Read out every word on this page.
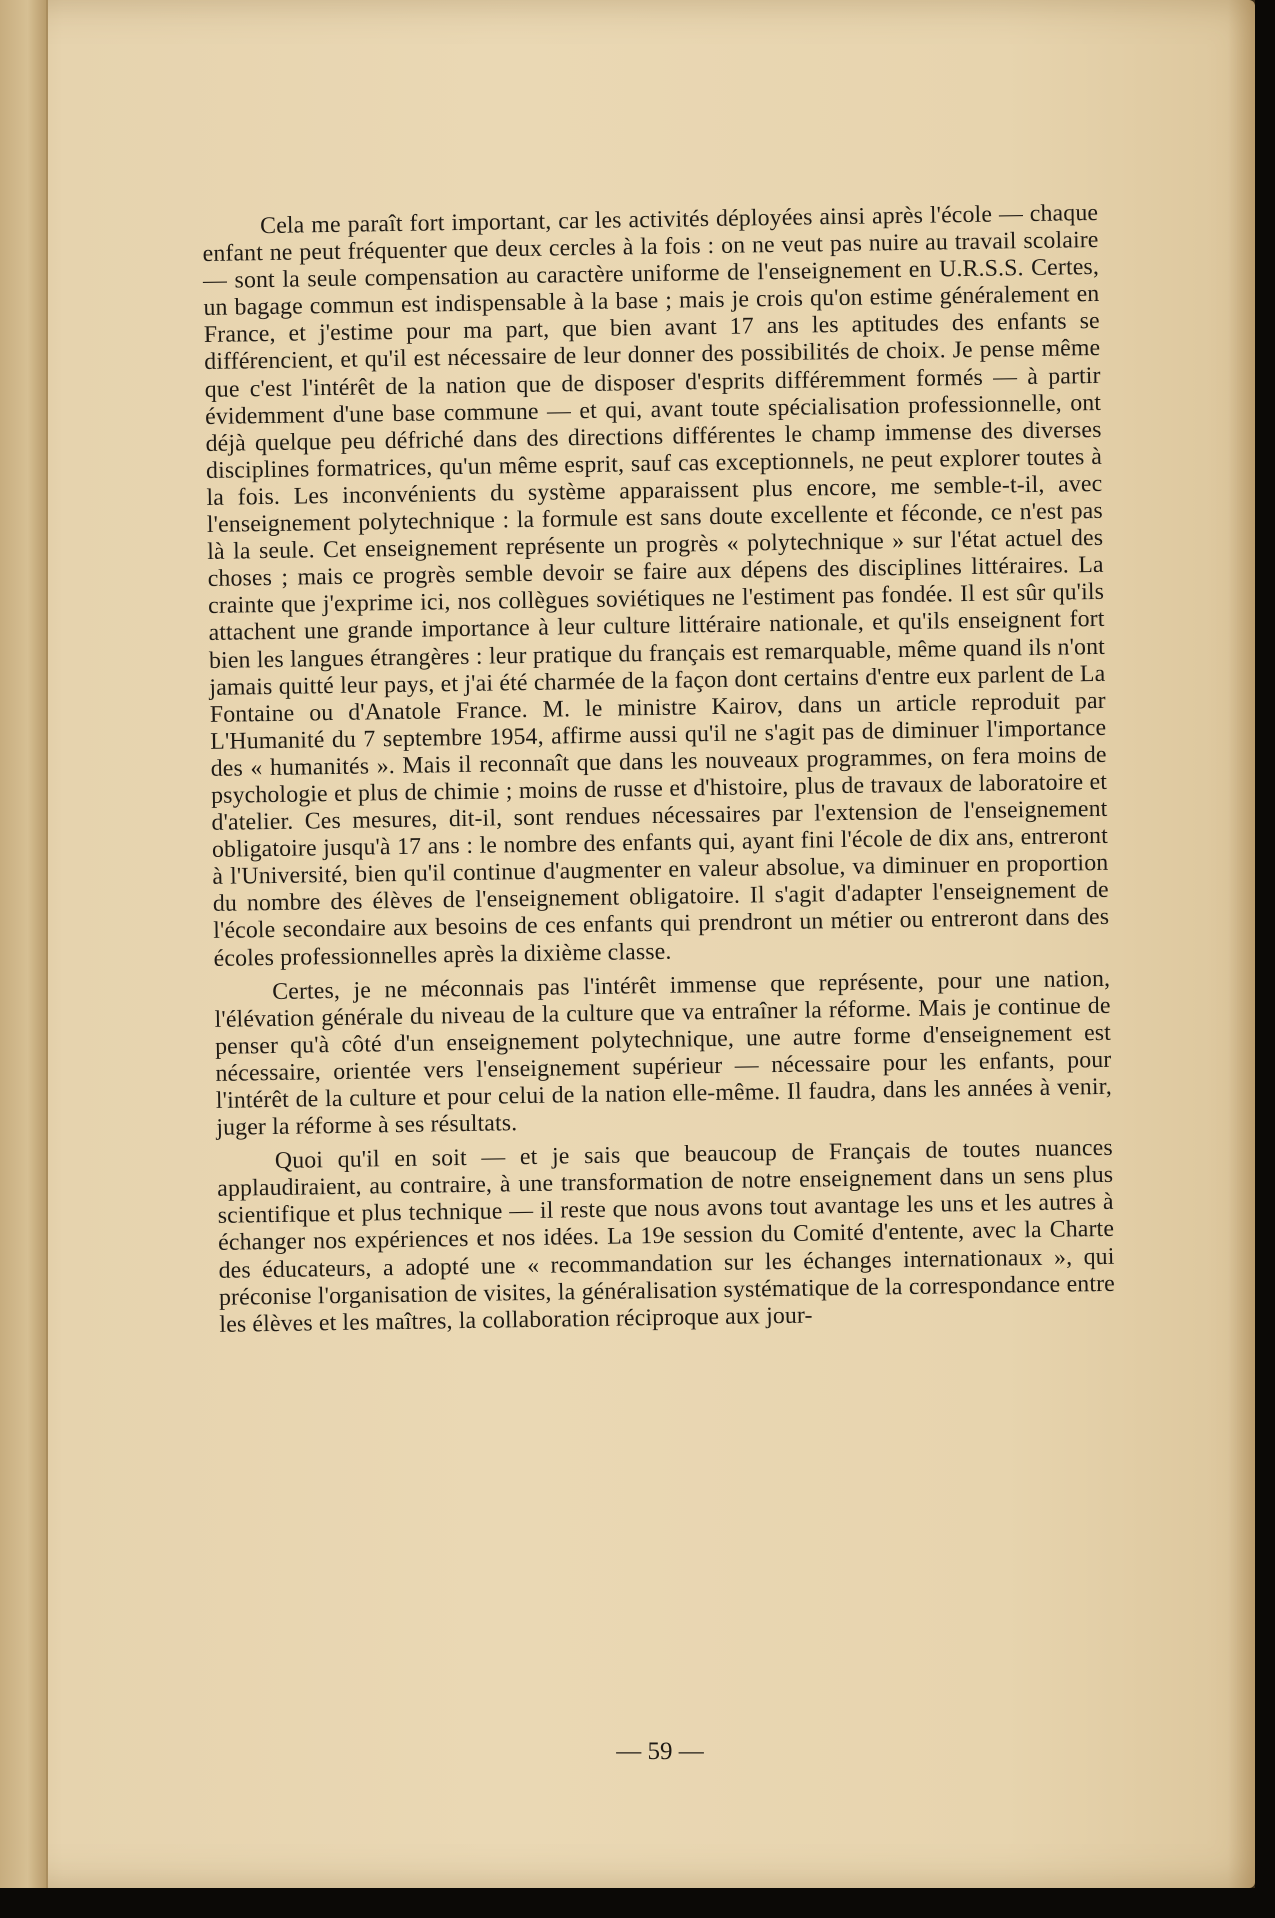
Cela me paraît fort important, car les activités déployées ainsi après l'école — chaque enfant ne peut fréquenter que deux cercles à la fois : on ne veut pas nuire au travail scolaire — sont la seule compensation au caractère uniforme de l'enseignement en U.R.S.S. Certes, un bagage commun est indispensable à la base ; mais je crois qu'on estime généralement en France, et j'estime pour ma part, que bien avant 17 ans les aptitudes des enfants se différencient, et qu'il est nécessaire de leur donner des possibilités de choix. Je pense même que c'est l'intérêt de la nation que de disposer d'esprits différemment formés — à partir évidemment d'une base commune — et qui, avant toute spécialisation professionnelle, ont déjà quelque peu défriché dans des directions différentes le champ immense des diverses disciplines formatrices, qu'un même esprit, sauf cas exceptionnels, ne peut explorer toutes à la fois. Les inconvénients du système apparaissent plus encore, me semble-t-il, avec l'enseignement polytechnique : la formule est sans doute excellente et féconde, ce n'est pas là la seule. Cet enseignement représente un progrès « polytechnique » sur l'état actuel des choses ; mais ce progrès semble devoir se faire aux dépens des disciplines littéraires. La crainte que j'exprime ici, nos collègues soviétiques ne l'estiment pas fondée. Il est sûr qu'ils attachent une grande importance à leur culture littéraire nationale, et qu'ils enseignent fort bien les langues étrangères : leur pratique du français est remarquable, même quand ils n'ont jamais quitté leur pays, et j'ai été charmée de la façon dont certains d'entre eux parlent de La Fontaine ou d'Anatole France. M. le ministre Kairov, dans un article reproduit par L'Humanité du 7 septembre 1954, affirme aussi qu'il ne s'agit pas de diminuer l'importance des « humanités ». Mais il reconnaît que dans les nouveaux programmes, on fera moins de psychologie et plus de chimie ; moins de russe et d'histoire, plus de travaux de laboratoire et d'atelier. Ces mesures, dit-il, sont rendues nécessaires par l'extension de l'enseignement obligatoire jusqu'à 17 ans : le nombre des enfants qui, ayant fini l'école de dix ans, entreront à l'Université, bien qu'il continue d'augmenter en valeur absolue, va diminuer en proportion du nombre des élèves de l'enseignement obligatoire. Il s'agit d'adapter l'enseignement de l'école secondaire aux besoins de ces enfants qui prendront un métier ou entreront dans des écoles professionnelles après la dixième classe.

Certes, je ne méconnais pas l'intérêt immense que représente, pour une nation, l'élévation générale du niveau de la culture que va entraîner la réforme. Mais je continue de penser qu'à côté d'un enseignement polytechnique, une autre forme d'enseignement est nécessaire, orientée vers l'enseignement supérieur — nécessaire pour les enfants, pour l'intérêt de la culture et pour celui de la nation elle-même. Il faudra, dans les années à venir, juger la réforme à ses résultats.

Quoi qu'il en soit — et je sais que beaucoup de Français de toutes nuances applaudiraient, au contraire, à une transformation de notre enseignement dans un sens plus scientifique et plus technique — il reste que nous avons tout avantage les uns et les autres à échanger nos expériences et nos idées. La 19e session du Comité d'entente, avec la Charte des éducateurs, a adopté une « recommandation sur les échanges internationaux », qui préconise l'organisation de visites, la généralisation systématique de la correspondance entre les élèves et les maîtres, la collaboration réciproque aux jour-

— 59 —
